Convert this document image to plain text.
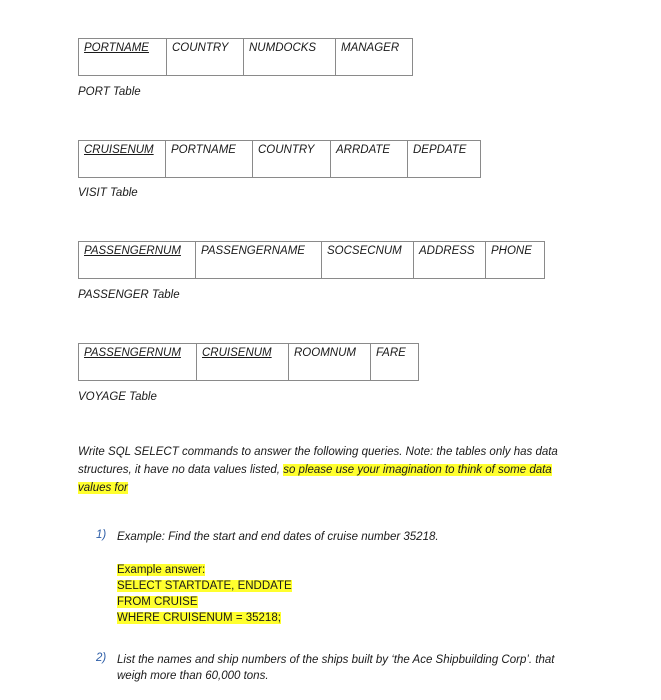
PORTNAME	COUNTRY	NUMDOCKS	MANAGER
PORT Table
CRUISENUM	PORTNAME	COUNTRY	ARRDATE	DEPDATE
VISIT Table
PASSENGERNUM	PASSENGERNAME	SOCSECNUM	ADDRESS	PHONE
PASSENGER Table
PASSENGERNUM	CRUISENUM	ROOMNUM	FARE
VOYAGE Table
Write SQL SELECT commands to answer the following queries. Note: the tables only has data structures, it have no data values listed, so please use your imagination to think of some data values for
1) Example: Find the start and end dates of cruise number 35218.
Example answer:
SELECT STARTDATE, ENDDATE
FROM CRUISE
WHERE CRUISENUM = 35218;
2) List the names and ship numbers of the ships built by ‘the Ace Shipbuilding Corp’. that weigh more than 60,000 tons.
